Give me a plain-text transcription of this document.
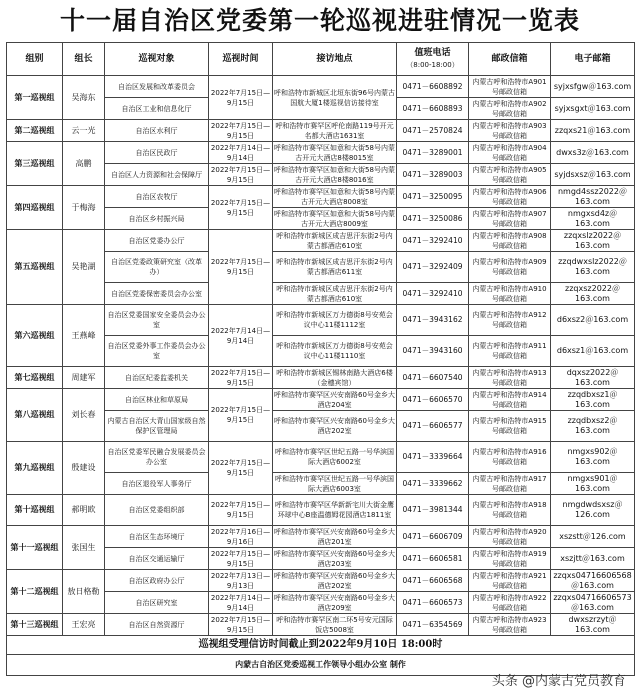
十一届自治区党委第一轮巡视进驻情况一览表
组别	组长	巡视对象	巡视时间	接访地点	值班电话
（8:00-18:00）	邮政信箱	电子邮箱
第一巡视组	吴海东	自治区发展和改革委员会	2022年7月15日—9月15日	呼和浩特市新城区北垣东街96号内蒙古国航大厦1楼巡视信访接待室	0471－6608892	内蒙古呼和浩特市A901号邮政信箱	syjxsfgw＠163.com
		自治区工业和信息化厅			0471－6608893	内蒙古呼和浩特市A902号邮政信箱	syjxsgxt＠163.com
第二巡视组	云一光	自治区水利厅	2022年7月15日—9月15日	呼和浩特市赛罕区呼伦南路119号开元名都大酒店1631室	0471－2570824	内蒙古呼和浩特市A903号邮政信箱	zzqxs21＠163.com
第三巡视组	高鹏	自治区民政厅	2022年7月14日—9月14日	呼和浩特市赛罕区如意和大街58号内蒙古开元大酒店8楼8015室	0471－3289001	内蒙古呼和浩特市A904号邮政信箱	dwxs3z＠163.com
		自治区人力资源和社会保障厅	2022年7月15日—9月15日	呼和浩特市赛罕区如意和大街58号内蒙古开元大酒店8楼8016室	0471－3289003	内蒙古呼和浩特市A905号邮政信箱	syjdsxsz＠163.com
第四巡视组	于梅海	自治区农牧厅	2022年7月15日—9月15日	呼和浩特市赛罕区如意和大街58号内蒙古开元大酒店8008室	0471－3250095	内蒙古呼和浩特市A906号邮政信箱	nmgd4ssz2022＠163.com
		自治区乡村振兴局		呼和浩特市赛罕区如意和大街58号内蒙古开元大酒店8009室	0471－3250086	内蒙古呼和浩特市A907号邮政信箱	nmgxsd4z＠163.com
第五巡视组	吴艳湖	自治区党委办公厅	2022年7月15日—9月15日	呼和浩特市新城区成吉思汗东街2号内蒙古都酒店610室	0471－3292410	内蒙古呼和浩特市A908号邮政信箱	zzqxslz2022＠163.com
		自治区党委政策研究室（改革办）		呼和浩特市新城区成吉思汗东街2号内蒙古都酒店611室	0471－3292409	内蒙古呼和浩特市A909号邮政信箱	zzqdwxslz2022＠163.com
		自治区党委保密委员会办公室		呼和浩特市新城区成吉思汗东街2号内蒙古都酒店610室	0471－3292410	内蒙古呼和浩特市A910号邮政信箱	zzqxsz2022＠163.com
第六巡视组	王燕峰	自治区党委国家安全委员会办公室	2022年7月14日—9月14日	呼和浩特市新城区万力德街8号安苑会议中心11楼1112室	0471－3943162	内蒙古呼和浩特市A912号邮政信箱	d6xsz2＠163.com
		自治区党委外事工作委员会办公室		呼和浩特市新城区万力德街8号安苑会议中心11楼1110室	0471－3943160	内蒙古呼和浩特市A911号邮政信箱	d6xsz1＠163.com
第七巡视组	周建军	自治区纪委监委机关	2022年7月15日—9月15日	呼和浩特市新城区锡林南路大酒店6楼（金穗宾馆）	0471－6607540	内蒙古呼和浩特市A913号邮政信箱	dqxsz2022＠163.com
第八巡视组	刘长春	自治区林业和草原局	2022年7月15日—9月15日	呼和浩特市赛罕区兴安南路60号金乡大酒店204室	0471－6606570	内蒙古呼和浩特市A914号邮政信箱	zzqdbxsz1＠163.com
		内蒙古自治区大青山国家级自然保护区管理局		呼和浩特市赛罕区兴安南路60号金乡大酒店202室	0471－6606577	内蒙古呼和浩特市A915号邮政信箱	zzqdbxsz2＠163.com
第九巡视组	殷建设	自治区党委军民融合发展委员会办公室	2022年7月15日—9月15日	呼和浩特市赛罕区世纪五路一号华滨国际大酒店6002室	0471－3339664	内蒙古呼和浩特市A916号邮政信箱	nmgxs902＠163.com
		自治区退役军人事务厅		呼和浩特市赛罕区世纪五路一号华滨国际大酒店6003室	0471－3339662	内蒙古呼和浩特市A917号邮政信箱	nmgxs901＠163.com
第十巡视组	郝明欧	自治区党委组织部	2022年7月15日—9月15日	呼和浩特市赛罕区华新新宅川大街金鹰环球中心B座温德姆花园酒店1811室	0471－3981344	内蒙古呼和浩特市A918号邮政信箱	nmgdwdsxsz＠126.com
第十一巡视组	张国生	自治区生态环境厅	2022年7月16日—9月16日	呼和浩特市赛罕区兴安南路60号金乡大酒店201室	0471－6606709	内蒙古呼和浩特市A920号邮政信箱	xszstt＠126.com
		自治区交通运输厅	2022年7月15日—9月15日	呼和浩特市赛罕区兴安南路60号金乡大酒店203室	0471－6606581	内蒙古呼和浩特市A919号邮政信箱	xszjtt＠163.com
第十二巡视组	敖日格勒	自治区政府办公厅	2022年7月13日—9月13日	呼和浩特市赛罕区兴安南路60号金乡大酒店202室	0471－6606568	内蒙古呼和浩特市A921号邮政信箱	zzqxs04716606568＠163.com
		自治区研究室	2022年7月14日—9月14日	呼和浩特市赛罕区兴安南路60号金乡大酒店209室	0471－6606573	内蒙古呼和浩特市A922号邮政信箱	zzqxs04716606573＠163.com
第十三巡视组	王宏亮	自治区自然资源厅	2022年7月15日—9月15日	呼和浩特市赛罕区南二环5号安元国际饭店5008室	0471－6354569	内蒙古呼和浩特市A923号邮政信箱	dwxszrzyt＠163.com
巡视组受理信访时间截止到2022年9月10日 18:00时							
内蒙古自治区党委巡视工作领导小组办公室 制作							
头条 @内蒙古党员教育
